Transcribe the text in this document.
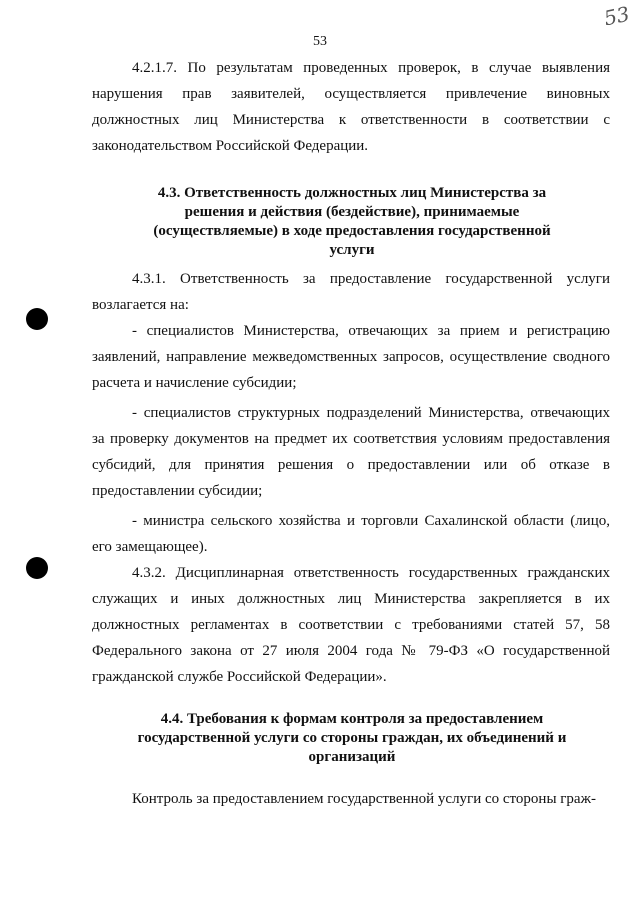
53
53

4.2.1.7. По результатам проведенных проверок, в случае выявления нарушения прав заявителей, осуществляется привлечение виновных должностных лиц Министерства к ответственности в соответствии с законодательством Российской Федерации.

4.3. Ответственность должностных лиц Министерства за решения и действия (бездействие), принимаемые (осуществляемые) в ходе предоставления государственной услуги

4.3.1. Ответственность за предоставление государственной услуги возлагается на:

- специалистов Министерства, отвечающих за прием и регистрацию заявлений, направление межведомственных запросов, осуществление сводного расчета и начисление субсидии;

- специалистов структурных подразделений Министерства, отвечающих за проверку документов на предмет их соответствия условиям предоставления субсидий, для принятия решения о предоставлении или об отказе в предоставлении субсидии;

- министра сельского хозяйства и торговли Сахалинской области (лицо, его замещающее).

4.3.2. Дисциплинарная ответственность государственных гражданских служащих и иных должностных лиц Министерства закрепляется в их должностных регламентах в соответствии с требованиями статей 57, 58 Федерального закона от 27 июля 2004 года № 79-ФЗ «О государственной гражданской службе Российской Федерации».

4.4. Требования к формам контроля за предоставлением государственной услуги со стороны граждан, их объединений и организаций

Контроль за предоставлением государственной услуги со стороны граж-
